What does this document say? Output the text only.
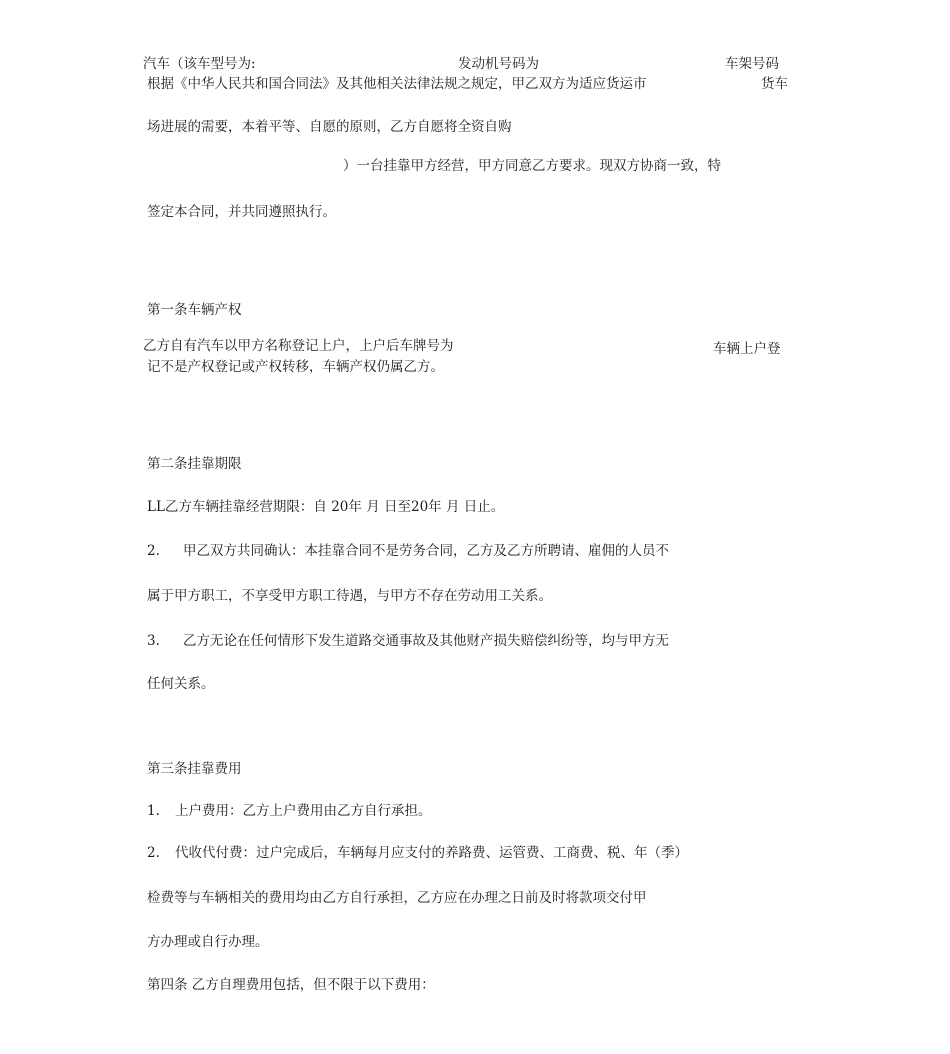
汽车（该车型号为:	发动机号码为	车架号码
根据《中华人民共和国合同法》及其他相关法律法规之规定，甲乙双方为适应货运市	货车
场进展的需要，本着平等、自愿的原则，乙方自愿将全资自购
）一台挂靠甲方经营，甲方同意乙方要求。现双方协商一致，特
签定本合同，并共同遵照执行。
第一条车辆产权
乙方自有汽车以甲方名称登记上户，上户后车牌号为	车辆上户登
记不是产权登记或产权转移，车辆产权仍属乙方。
第二条挂靠期限
LL乙方车辆挂靠经营期限：自 20年 月 日至20年 月 日止。
2. 甲乙双方共同确认：本挂靠合同不是劳务合同，乙方及乙方所聘请、雇佣的人员不
属于甲方职工，不享受甲方职工待遇，与甲方不存在劳动用工关系。
3. 乙方无论在任何情形下发生道路交通事故及其他财产损失赔偿纠纷等，均与甲方无
任何关系。
第三条挂靠费用
1. 上户费用：乙方上户费用由乙方自行承担。
2. 代收代付费：过户完成后，车辆每月应支付的养路费、运管费、工商费、税、年（季）
检费等与车辆相关的费用均由乙方自行承担，乙方应在办理之日前及时将款项交付甲
方办理或自行办理。
第四条 乙方自理费用包括，但不限于以下费用：
